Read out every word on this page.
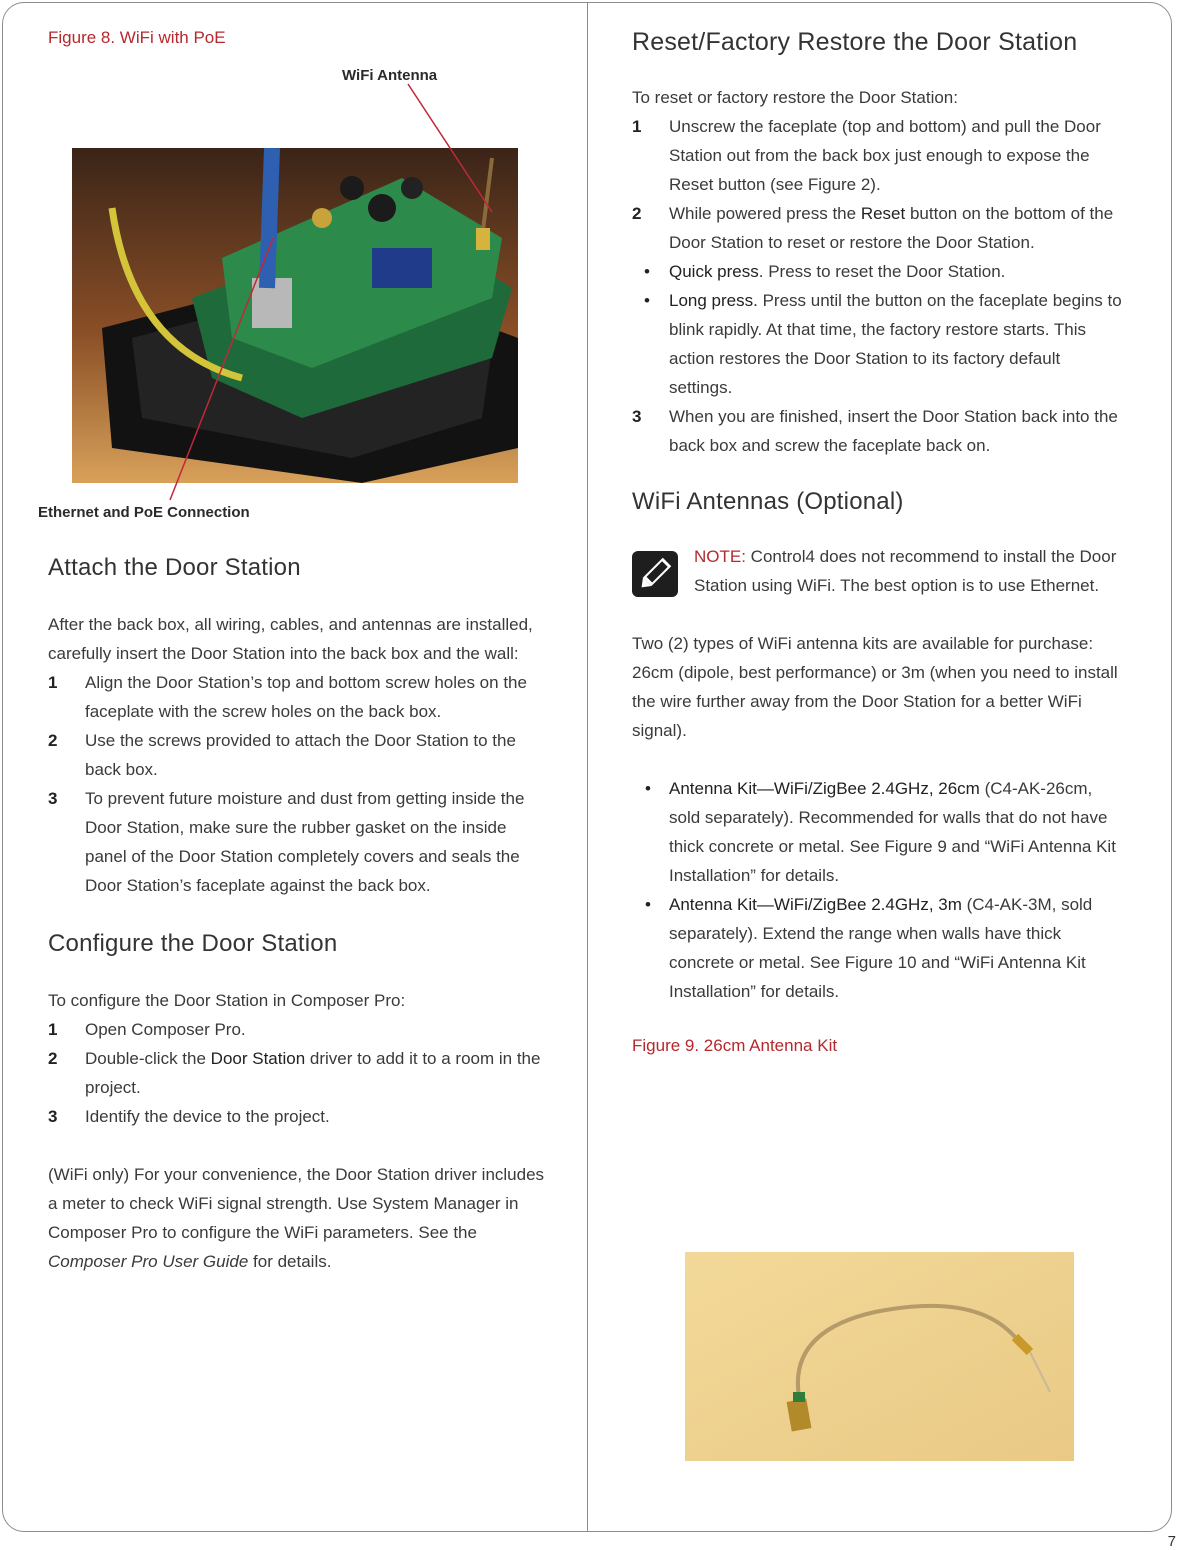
Figure 8. WiFi with PoE
WiFi Antenna
Ethernet and PoE Connection
Attach the Door Station

After the back box, all wiring, cables, and antennas are installed, carefully insert the Door Station into the back box and the wall:

1 Align the Door Station’s top and bottom screw holes on the faceplate with the screw holes on the back box.
2 Use the screws provided to attach the Door Station to the back box.
3 To prevent future moisture and dust from getting inside the Door Station, make sure the rubber gasket on the inside panel of the Door Station completely covers and seals the Door Station’s faceplate against the back box.
Configure the Door Station

To configure the Door Station in Composer Pro:

1 Open Composer Pro.
2 Double-click the Door Station driver to add it to a room in the project.
3 Identify the device to the project.

(WiFi only) For your convenience, the Door Station driver includes a meter to check WiFi signal strength. Use System Manager in Composer Pro to configure the WiFi parameters. See the Composer Pro User Guide for details.

Reset/Factory Restore the Door Station

To reset or factory restore the Door Station:

1 Unscrew the faceplate (top and bottom) and pull the Door Station out from the back box just enough to expose the Reset button (see Figure 2).
2 While powered press the Reset button on the bottom of the Door Station to reset or restore the Door Station.
• Quick press. Press to reset the Door Station.
• Long press. Press until the button on the faceplate begins to blink rapidly. At that time, the factory restore starts. This action restores the Door Station to its factory default settings.
3 When you are finished, insert the Door Station back into the back box and screw the faceplate back on.
WiFi Antennas (Optional)

NOTE: Control4 does not recommend to install the Door Station using WiFi. The best option is to use Ethernet.

Two (2) types of WiFi antenna kits are available for purchase: 26cm (dipole, best performance) or 3m (when you need to install the wire further away from the Door Station for a better WiFi signal).

• Antenna Kit—WiFi/ZigBee 2.4GHz, 26cm (C4-AK-26cm, sold separately). Recommended for walls that do not have thick concrete or metal. See Figure 9 and “WiFi Antenna Kit Installation” for details.
• Antenna Kit—WiFi/ZigBee 2.4GHz, 3m (C4-AK-3M, sold separately). Extend the range when walls have thick concrete or metal. See Figure 10 and “WiFi Antenna Kit Installation” for details.
Figure 9. 26cm Antenna Kit
7
